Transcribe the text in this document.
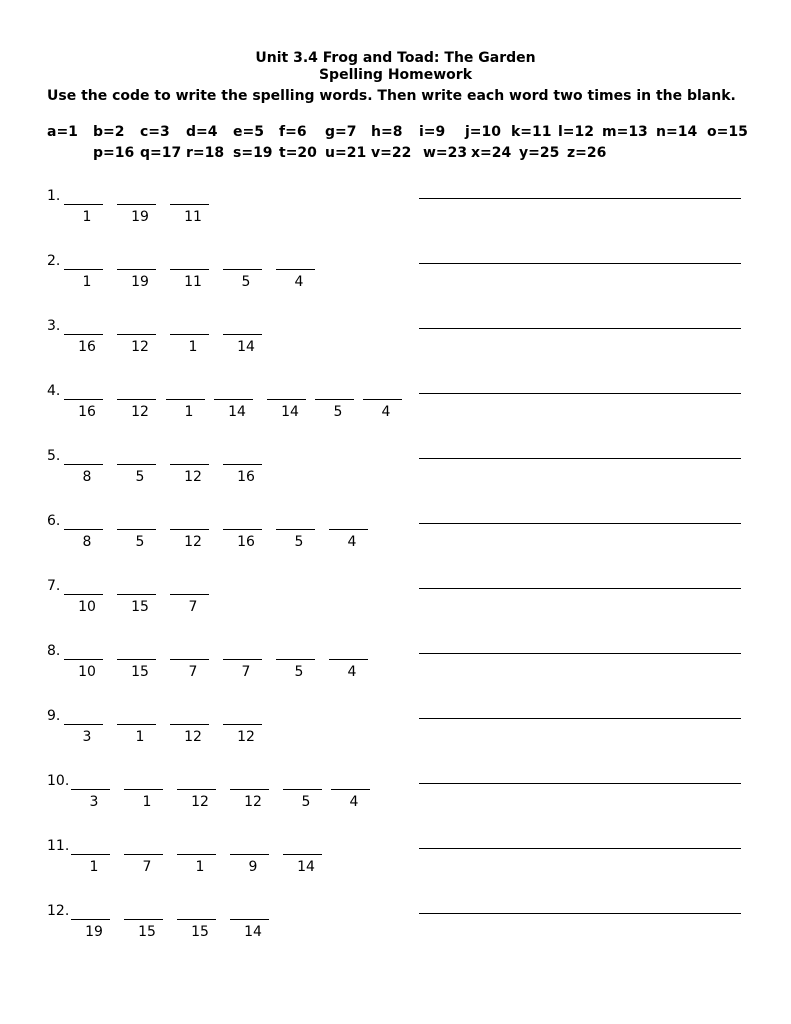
Unit 3.4 Frog and Toad: The Garden
Spelling Homework
Use the code to write the spelling words. Then write each word two times in the blank.
a=1 b=2 c=3 d=4 e=5 f=6 g=7 h=8 i=9 j=10 k=11 l=12 m=13 n=14 o=15
p=16 q=17 r=18 s=19 t=20 u=21 v=22 w=23 x=24 y=25 z=26
1.
1	19	11
2.
1	19	11	5	4
3.
16	12	1	14
4.
16	12	1	14	14	5	4
5.
8	5	12	16
6.
8	5	12	16	5	4
7.
10	15	7
8.
10	15	7	7	5	4
9.
3	1	12	12
10.
3	1	12	12	5	4
11.
1	7	1	9	14
12.
19	15	15	14
